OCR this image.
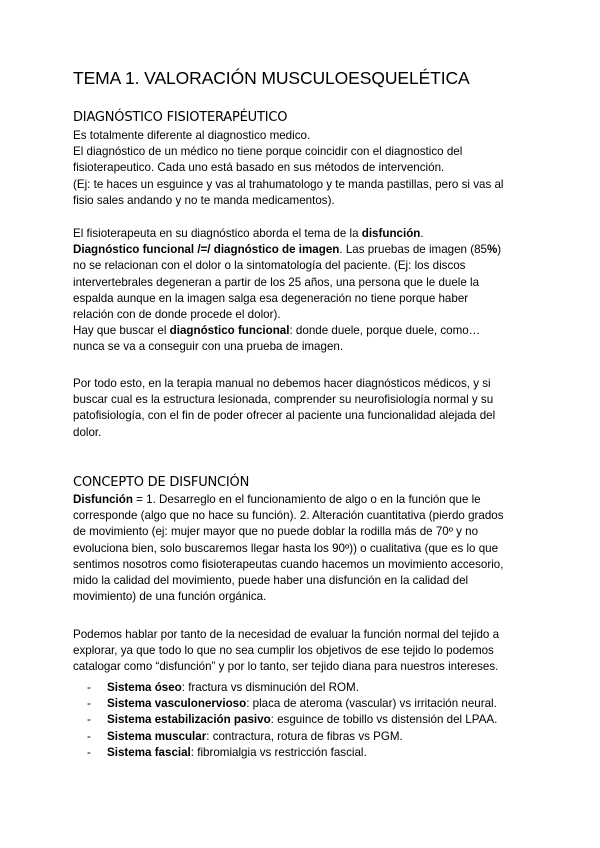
TEMA 1. VALORACIÓN MUSCULOESQUELÉTICA
DIAGNÓSTICO FISIOTERAPÉUTICO
Es totalmente diferente al diagnostico medico.
El diagnóstico de un médico no tiene porque coincidir con el diagnostico del
fisioterapeutico. Cada uno está basado en sus métodos de intervención.
(Ej: te haces un esguince y vas al trahumatologo y te manda pastillas, pero si vas al
fisio sales andando y no te manda medicamentos).
El fisioterapeuta en su diagnóstico aborda el tema de la disfunción.
Diagnóstico funcional /=/ diagnóstico de imagen. Las pruebas de imagen (85%)
no se relacionan con el dolor o la sintomatología del paciente. (Ej: los discos
intervertebrales degeneran a partir de los 25 años, una persona que le duele la
espalda aunque en la imagen salga esa degeneración no tiene porque haber
relación con de donde procede el dolor).
Hay que buscar el diagnóstico funcional: donde duele, porque duele, como…
nunca se va a conseguir con una prueba de imagen.
Por todo esto, en la terapia manual no debemos hacer diagnósticos médicos, y si
buscar cual es la estructura lesionada, comprender su neurofisiología normal y su
patofisiología, con el fin de poder ofrecer al paciente una funcionalidad alejada del
dolor.
CONCEPTO DE DISFUNCIÓN
Disfunción = 1. Desarreglo en el funcionamiento de algo o en la función que le
corresponde (algo que no hace su función). 2. Alteración cuantitativa (pierdo grados
de movimiento (ej: mujer mayor que no puede doblar la rodilla más de 70º y no
evoluciona bien, solo buscaremos llegar hasta los 90º)) o cualitativa (que es lo que
sentimos nosotros como fisioterapeutas cuando hacemos un movimiento accesorio,
mido la calidad del movimiento, puede haber una disfunción en la calidad del
movimiento) de una función orgánica.
Podemos hablar por tanto de la necesidad de evaluar la función normal del tejido a
explorar, ya que todo lo que no sea cumplir los objetivos de ese tejido lo podemos
catalogar como “disfunción” y por lo tanto, ser tejido diana para nuestros intereses.
- Sistema óseo: fractura vs disminución del ROM.
- Sistema vasculonervioso: placa de ateroma (vascular) vs irritación neural.
- Sistema estabilización pasivo: esguince de tobillo vs distensión del LPAA.
- Sistema muscular: contractura, rotura de fibras vs PGM.
- Sistema fascial: fibromialgia vs restricción fascial.
